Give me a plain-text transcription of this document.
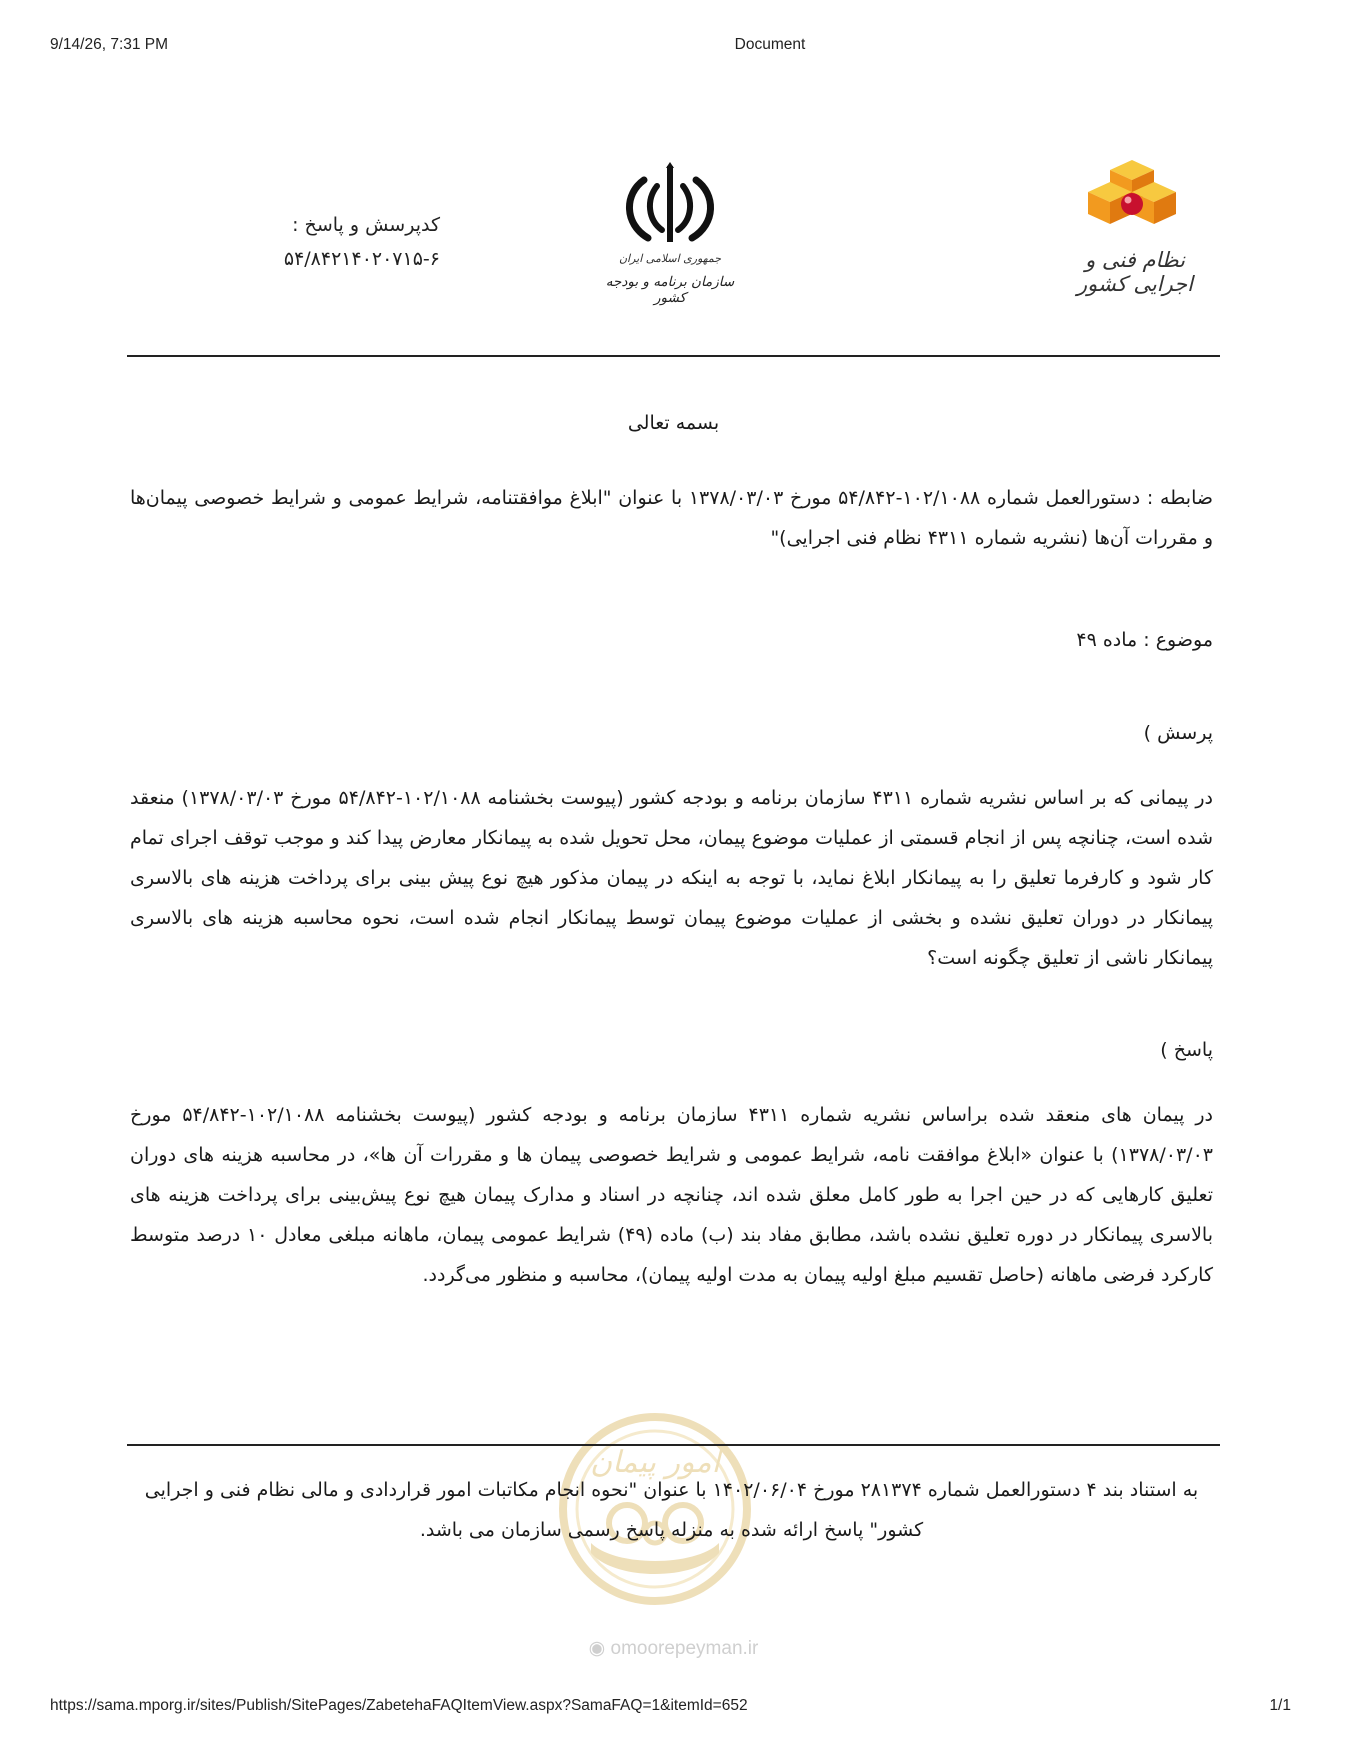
9/14/26, 7:31 PM	Document
نظام فنی و اجرایی کشور
جمهوری اسلامی ایران
سازمان برنامه و بودجه کشور
کدپرسش و پاسخ :
۵۴/۸۴۲۱۴۰۲۰۷۱۵-۶
بسمه تعالی
ضابطه : دستورالعمل شماره ۱۰۲/۱۰۸۸-۵۴/۸۴۲ مورخ ۱۳۷۸/۰۳/۰۳ با عنوان "ابلاغ موافقتنامه، شرایط عمومی و شرایط خصوصی پیمان‌ها و مقررات آن‌ها (نشریه شماره ۴۳۱۱ نظام فنی اجرایی)"
موضوع : ماده ۴۹
پرسش )
در پیمانی که بر اساس نشریه شماره ۴۳۱۱ سازمان برنامه و بودجه کشور (پیوست بخشنامه ۱۰۲/۱۰۸۸-۵۴/۸۴۲ مورخ ۱۳۷۸/۰۳/۰۳) منعقد شده است، چنانچه پس از انجام قسمتی از عملیات موضوع پیمان، محل تحویل شده به پیمانکار معارض پیدا کند و موجب توقف اجرای تمام کار شود و کارفرما تعلیق را به پیمانکار ابلاغ نماید، با توجه به اینکه در پیمان مذکور هیچ نوع پیش بینی برای پرداخت هزینه های بالاسری پیمانکار در دوران تعلیق نشده و بخشی از عملیات موضوع پیمان توسط پیمانکار انجام شده است، نحوه محاسبه هزینه های بالاسری پیمانکار ناشی از تعلیق چگونه است؟
پاسخ )
در پیمان های منعقد شده براساس نشریه شماره ۴۳۱۱ سازمان برنامه و بودجه کشور (پیوست بخشنامه ۱۰۲/۱۰۸۸-۵۴/۸۴۲ مورخ ۱۳۷۸/۰۳/۰۳) با عنوان «ابلاغ موافقت نامه، شرایط عمومی و شرایط خصوصی پیمان ها و مقررات آن ها»، در محاسبه هزینه های دوران تعلیق کارهایی که در حین اجرا به طور کامل معلق شده اند، چنانچه در اسناد و مدارک پیمان هیچ نوع پیش‌بینی برای پرداخت هزینه های بالاسری پیمانکار در دوره تعلیق نشده باشد، مطابق مفاد بند (ب) ماده (۴۹) شرایط عمومی پیمان، ماهانه مبلغی معادل ۱۰ درصد متوسط کارکرد فرضی ماهانه (حاصل تقسیم مبلغ اولیه پیمان به مدت اولیه پیمان)، محاسبه و منظور می‌گردد.
امور پیمان
به استناد بند ۴ دستورالعمل شماره ۲۸۱۳۷۴ مورخ ۱۴۰۲/۰۶/۰۴ با عنوان "نحوه انجام مکاتبات امور قراردادی و مالی نظام فنی و اجرایی کشور" پاسخ ارائه شده به منزله پاسخ رسمی سازمان می باشد.
◉ omoorepeyman.ir
https://sama.mporg.ir/sites/Publish/SitePages/ZabetehaFAQItemView.aspx?SamaFAQ=1&itemId=652	1/1
